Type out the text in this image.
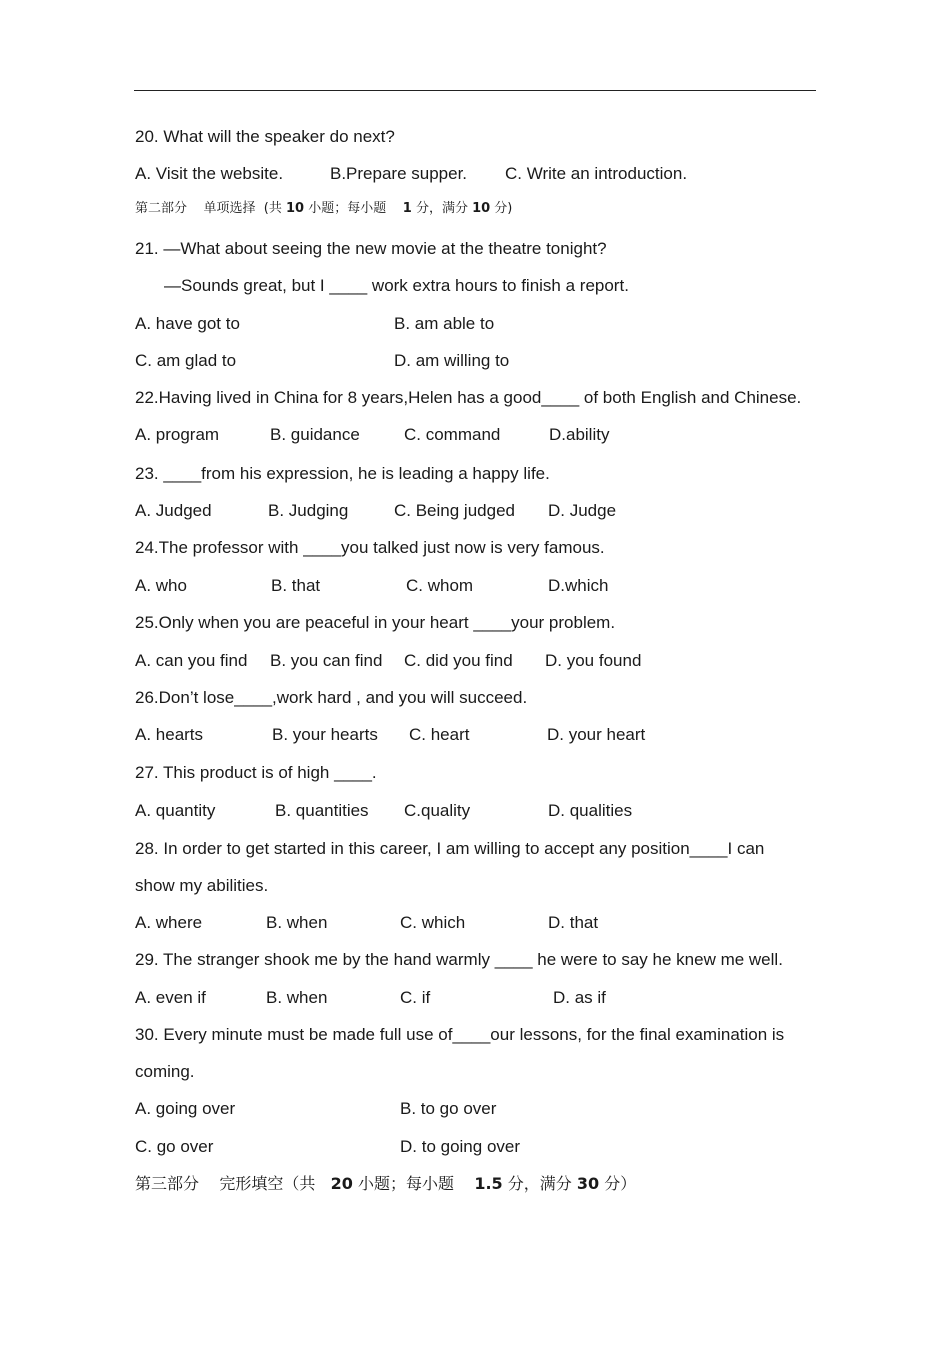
20. What will the speaker do next?
A. Visit the website.	B.Prepare supper. C. Write an introduction.
第二部分    单项选择  (共 10 小题；每小题    1 分，满分 10 分)
21. —What about seeing the new movie at the theatre tonight?
—Sounds great, but I ____ work extra hours to finish a report.
A. have got to	B. am able to
C. am glad to	D. am willing to
22.Having lived in China for 8 years,Helen has a good____ of both English and Chinese.
A. program	B. guidance	C. command	D.ability
23. ____from his expression, he is leading a happy life.
A. Judged	B. Judging	C. Being judged D. Judge
24.The professor with ____you talked just now is very famous.
A. who	B. that	C. whom	D.which
25.Only when you are peaceful in your heart ____your problem.
A. can you find B. you can find C. did you find D. you found
26.Don’t lose____,work hard , and you will succeed.
A. hearts	B. your hearts C. heart	D. your heart
27. This product is of high ____.
A. quantity	B. quantities C.quality	D. qualities
28. In order to get started in this career, I am willing to accept any position____I can
show my abilities.
A. where	B. when	C. which	D. that
29. The stranger shook me by the hand warmly ____ he were to say he knew me well.
A. even if	B. when	C. if	D. as if
30. Every minute must be made full use of____our lessons, for the final examination is
coming.
A. going over	B. to go over
C. go over	D. to going over
第三部分    完形填空（共   20 小题；每小题    1.5 分，满分 30 分）
